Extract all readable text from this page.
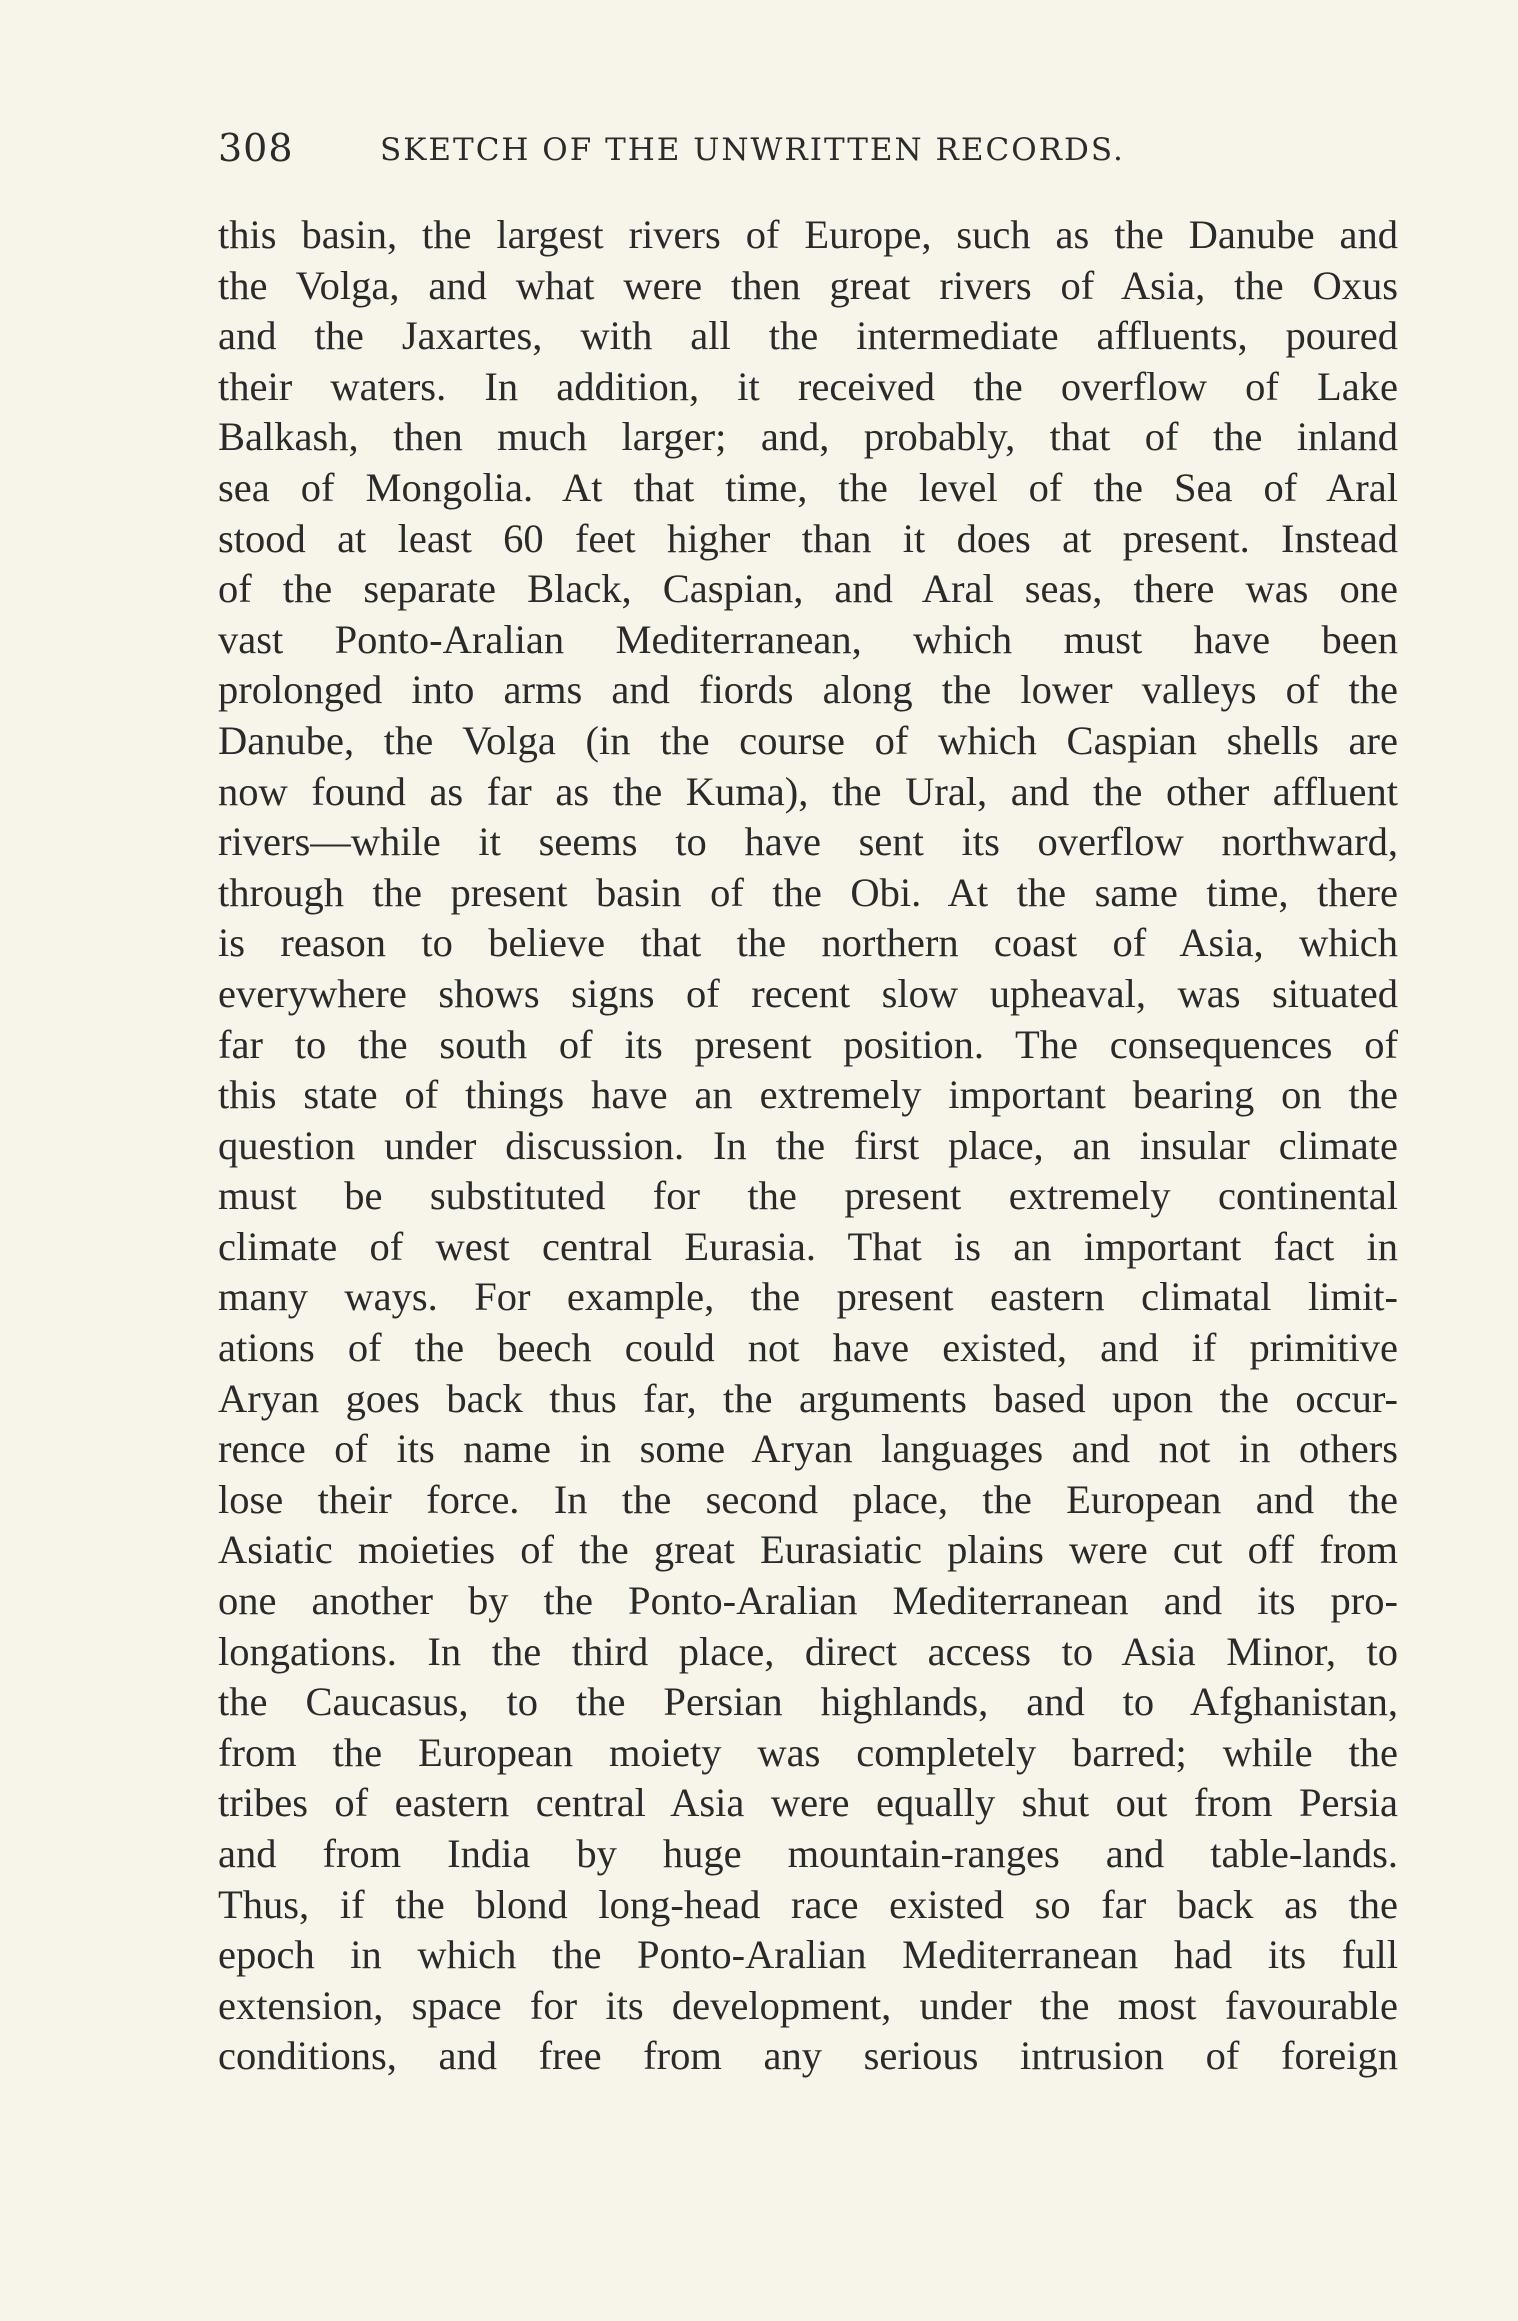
308	SKETCH OF THE UNWRITTEN RECORDS.
this basin, the largest rivers of Europe, such as the Danube and
the Volga, and what were then great rivers of Asia, the Oxus
and the Jaxartes, with all the intermediate affluents, poured
their waters. In addition, it received the overflow of Lake
Balkash, then much larger; and, probably, that of the inland
sea of Mongolia. At that time, the level of the Sea of Aral
stood at least 60 feet higher than it does at present. Instead
of the separate Black, Caspian, and Aral seas, there was one
vast Ponto-Aralian Mediterranean, which must have been
prolonged into arms and fiords along the lower valleys of the
Danube, the Volga (in the course of which Caspian shells are
now found as far as the Kuma), the Ural, and the other affluent
rivers—while it seems to have sent its overflow northward,
through the present basin of the Obi. At the same time, there
is reason to believe that the northern coast of Asia, which
everywhere shows signs of recent slow upheaval, was situated
far to the south of its present position. The consequences of
this state of things have an extremely important bearing on the
question under discussion. In the first place, an insular climate
must be substituted for the present extremely continental
climate of west central Eurasia. That is an important fact in
many ways. For example, the present eastern climatal limit-
ations of the beech could not have existed, and if primitive
Aryan goes back thus far, the arguments based upon the occur-
rence of its name in some Aryan languages and not in others
lose their force. In the second place, the European and the
Asiatic moieties of the great Eurasiatic plains were cut off from
one another by the Ponto-Aralian Mediterranean and its pro-
longations. In the third place, direct access to Asia Minor, to
the Caucasus, to the Persian highlands, and to Afghanistan,
from the European moiety was completely barred; while the
tribes of eastern central Asia were equally shut out from Persia
and from India by huge mountain-ranges and table-lands.
Thus, if the blond long-head race existed so far back as the
epoch in which the Ponto-Aralian Mediterranean had its full
extension, space for its development, under the most favourable
conditions, and free from any serious intrusion of foreign
